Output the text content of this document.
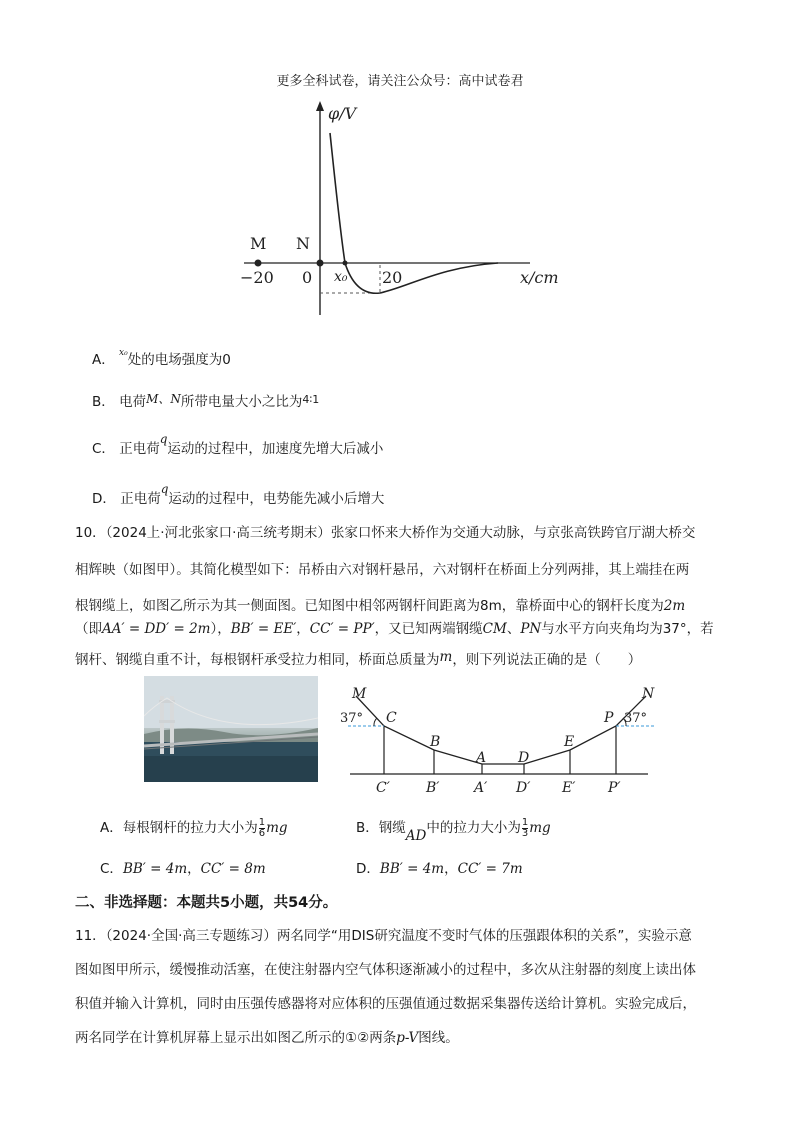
更多全科试卷，请关注公众号：高中试卷君
φ/V
x/cm
M N
−20 0 x₀ 20
A． $^{x_0}$处的电场强度为0
B． 电荷M、N所带电量大小之比为$^{4∶1}$
C． 正电荷q运动的过程中，加速度先增大后减小
D． 正电荷q运动的过程中，电势能先减小后增大
10．（2024上·河北张家口·高三统考期末）张家口怀来大桥作为交通大动脉，与京张高铁跨官厅湖大桥交
相辉映（如图甲）。其简化模型如下：吊桥由六对钢杆悬吊，六对钢杆在桥面上分列两排，其上端挂在两
根钢缆上，如图乙所示为其一侧面图。已知图中相邻两钢杆间距离为8m，靠桥面中心的钢杆长度为2m
（即AA′ = DD′ = 2m），BB′ = EE′，CC′ = PP′，又已知两端钢缆CM、PN与水平方向夹角均为37°，若
钢杆、钢缆自重不计，每根钢杆承受拉力相同，桥面总质量为m，则下列说法正确的是（　　）
M
C
B
A D
E
P
N
37°	37°
C′	B′ A′ D′ E′ P′
A．每根钢杆的拉力大小为 $\frac{1}{6}$ mg	B．钢缆AD中的拉力大小为 $\frac{1}{3}$ mg
C．BB′ = 4m，CC′ = 8m	D．BB′ = 4m，CC′ = 7m
二、非选择题：本题共5小题，共54分。
11．（2024·全国·高三专题练习）两名同学“用DIS研究温度不变时气体的压强跟体积的关系”，实验示意
图如图甲所示，缓慢推动活塞，在使注射器内空气体积逐渐减小的过程中，多次从注射器的刻度上读出体
积值并输入计算机，同时由压强传感器将对应体积的压强值通过数据采集器传送给计算机。实验完成后，
两名同学在计算机屏幕上显示出如图乙所示的①②两条p-V图线。
